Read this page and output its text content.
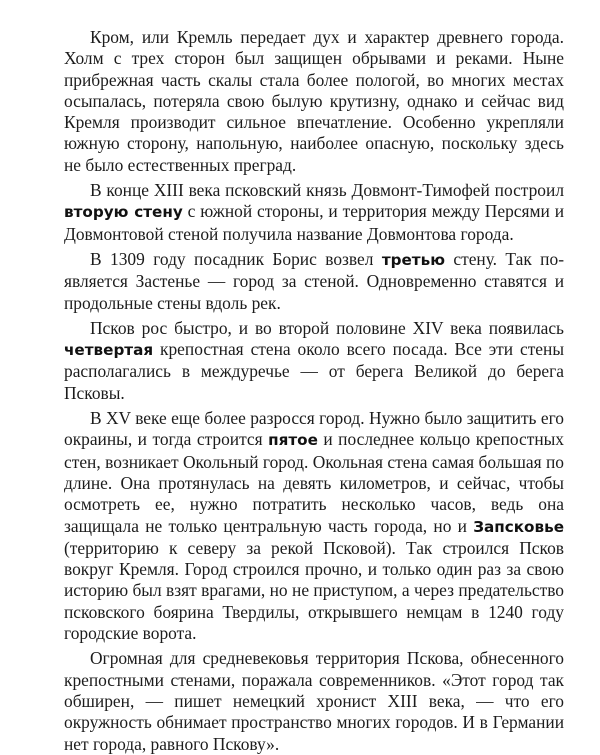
Кром, или Кремль передает дух и характер древнего города. Холм с трех сторон был защищен обрывами и реками. Ныне прибрежная часть скалы стала более пологой, во многих местах осыпалась, потеряла свою былую крутизну, однако и сейчас вид Кремля производит сильное впечатление. Особенно укрепляли южную сторону, напольную, наиболее опасную, поскольку здесь не было естественных преград.

В конце XIII века псковский князь Довмонт-Тимофей построил вторую стену с южной стороны, и территория между Персями и Довмонтовой стеной получила название Довмонтова города.

В 1309 году посадник Борис возвел третью стену. Так появляется Застенье — город за стеной. Одновременно ставятся и продольные стены вдоль рек.

Псков рос быстро, и во второй половине XIV века появилась четвертая крепостная стена около всего посада. Все эти стены располагались в междуречье — от берега Великой до берега Псковы.

В XV веке еще более разросся город. Нужно было защитить его окраины, и тогда строится пятое и последнее кольцо крепостных стен, возникает Окольный город. Окольная стена самая большая по длине. Она протянулась на девять километров, и сейчас, чтобы осмотреть ее, нужно потратить несколько часов, ведь она защищала не только центральную часть города, но и Запсковье (территорию к северу за рекой Псковой). Так строился Псков вокруг Кремля. Город строился прочно, и только один раз за свою историю был взят врагами, но не приступом, а через предательство псковского боярина Твердилы, открывшего немцам в 1240 году городские ворота.

Огромная для средневековья территория Пскова, обнесенного крепостными стенами, поражала современников. «Этот город так обширен, — пишет немецкий хронист XIII века, — что его окружность обнимает пространство многих городов. И в Германии нет города, равного Пскову».
